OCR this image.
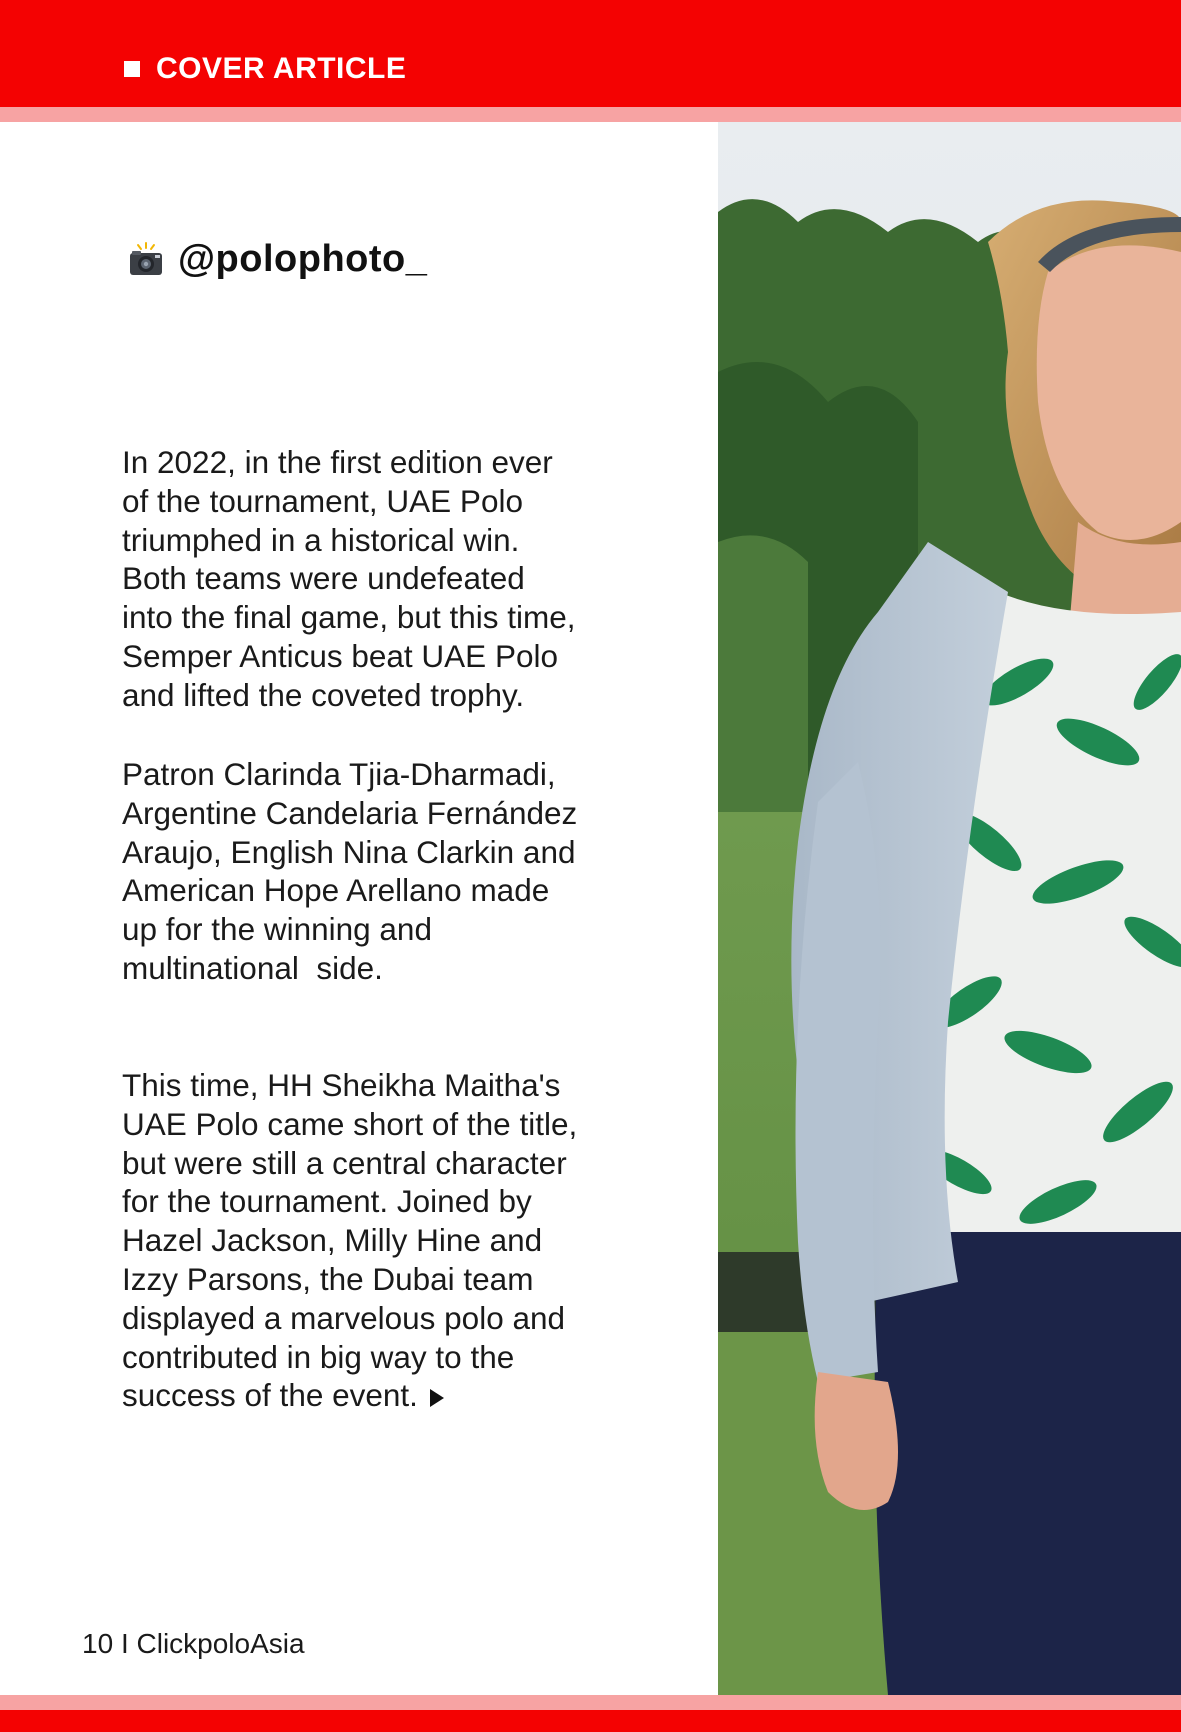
COVER ARTICLE
@polophoto_
In 2022, in the first edition ever
of the tournament, UAE Polo
triumphed in a historical win.
Both teams were undefeated
into the final game, but this time,
Semper Anticus beat UAE Polo
and lifted the coveted trophy.
Patron Clarinda Tjia-Dharmadi,
Argentine Candelaria Fernández
Araujo, English Nina Clarkin and
American Hope Arellano made
up for the winning and
multinational  side.
This time, HH Sheikha Maitha's
UAE Polo came short of the title,
but were still a central character
for the tournament. Joined by
Hazel Jackson, Milly Hine and
Izzy Parsons, the Dubai team
displayed a marvelous polo and
contributed in big way to the
success of the event.
10 I ClickpoloAsia
